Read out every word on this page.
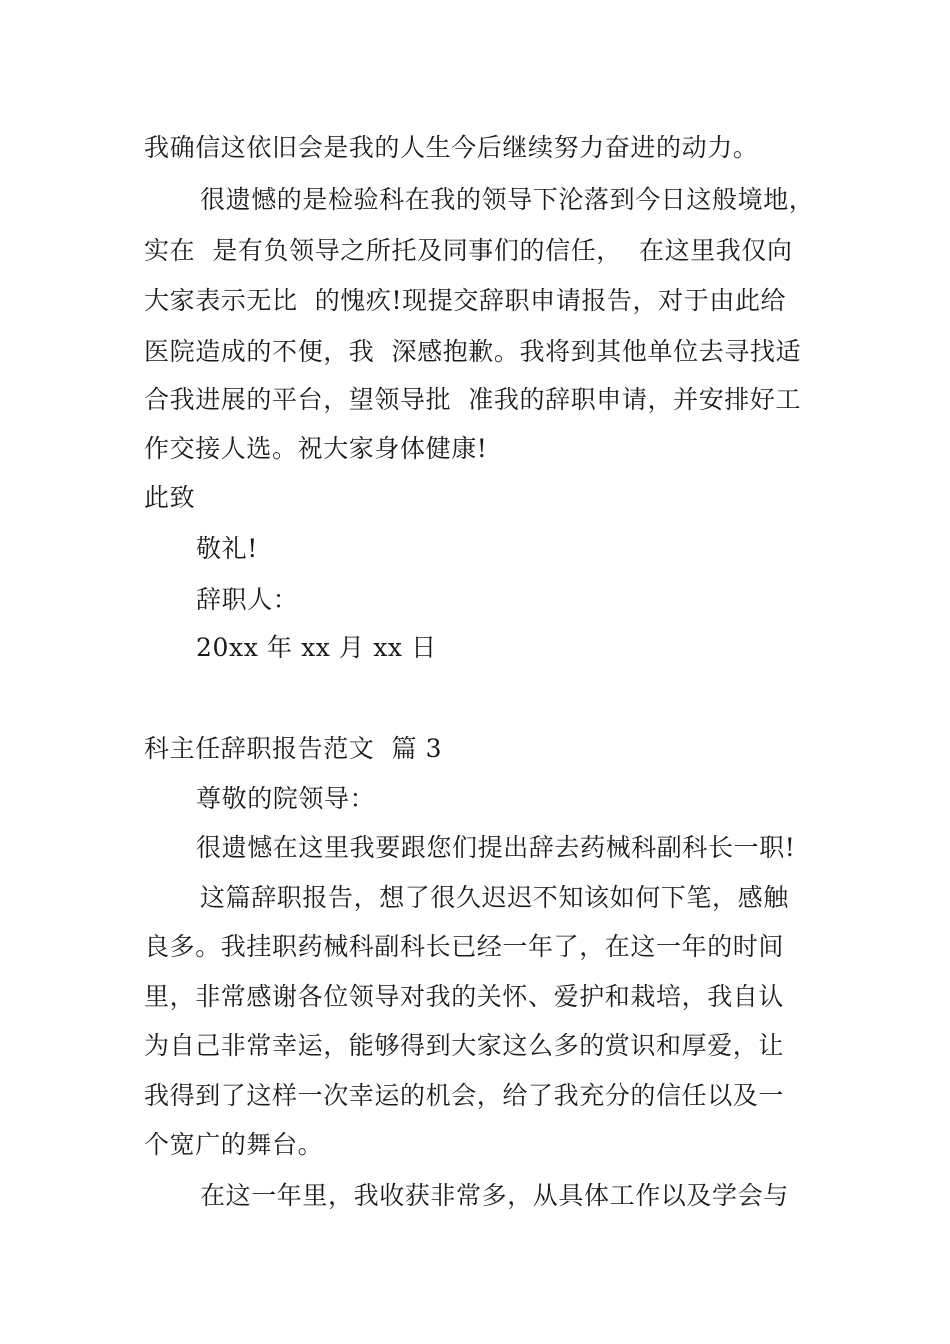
我确信这依旧会是我的人生今后继续努力奋进的动力。
很遗憾的是检验科在我的领导下沦落到今日这般境地，
实在  是有负领导之所托及同事们的信任，  在这里我仅向
大家表示无比  的愧疚!现提交辞职申请报告，对于由此给
医院造成的不便，我  深感抱歉。我将到其他单位去寻找适
合我进展的平台，望领导批  准我的辞职申请，并安排好工
作交接人选。祝大家身体健康!
此致
敬礼!
辞职人：
20xx 年 xx 月 xx 日
科主任辞职报告范文  篇 3
尊敬的院领导：
很遗憾在这里我要跟您们提出辞去药械科副科长一职!
这篇辞职报告，想了很久迟迟不知该如何下笔，感触
良多。我挂职药械科副科长已经一年了，在这一年的时间
里，非常感谢各位领导对我的关怀、爱护和栽培，我自认
为自己非常幸运，能够得到大家这么多的赏识和厚爱，让
我得到了这样一次幸运的机会，给了我充分的信任以及一
个宽广的舞台。
在这一年里，我收获非常多，从具体工作以及学会与
